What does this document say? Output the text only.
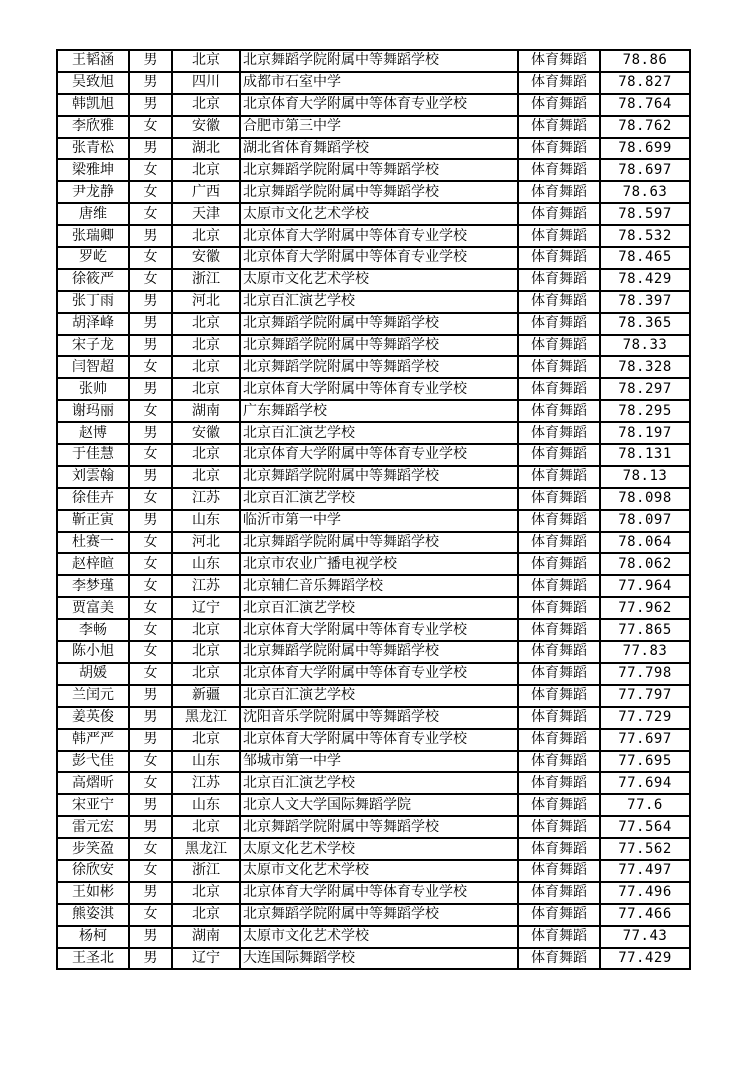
王韬涵	男	北京	北京舞蹈学院附属中等舞蹈学校	体育舞蹈	78.86
吴致旭	男	四川	成都市石室中学	体育舞蹈	78.827
韩凯旭	男	北京	北京体育大学附属中等体育专业学校	体育舞蹈	78.764
李欣雅	女	安徽	合肥市第三中学	体育舞蹈	78.762
张青松	男	湖北	湖北省体育舞蹈学校	体育舞蹈	78.699
梁雅坤	女	北京	北京舞蹈学院附属中等舞蹈学校	体育舞蹈	78.697
尹龙静	女	广西	北京舞蹈学院附属中等舞蹈学校	体育舞蹈	78.63
唐维	女	天津	太原市文化艺术学校	体育舞蹈	78.597
张瑞卿	男	北京	北京体育大学附属中等体育专业学校	体育舞蹈	78.532
罗屹	女	安徽	北京体育大学附属中等体育专业学校	体育舞蹈	78.465
徐筱严	女	浙江	太原市文化艺术学校	体育舞蹈	78.429
张丁雨	男	河北	北京百汇演艺学校	体育舞蹈	78.397
胡泽峰	男	北京	北京舞蹈学院附属中等舞蹈学校	体育舞蹈	78.365
宋子龙	男	北京	北京舞蹈学院附属中等舞蹈学校	体育舞蹈	78.33
闫智超	女	北京	北京舞蹈学院附属中等舞蹈学校	体育舞蹈	78.328
张帅	男	北京	北京体育大学附属中等体育专业学校	体育舞蹈	78.297
谢玛丽	女	湖南	广东舞蹈学校	体育舞蹈	78.295
赵博	男	安徽	北京百汇演艺学校	体育舞蹈	78.197
于佳慧	女	北京	北京体育大学附属中等体育专业学校	体育舞蹈	78.131
刘雲翰	男	北京	北京舞蹈学院附属中等舞蹈学校	体育舞蹈	78.13
徐佳卉	女	江苏	北京百汇演艺学校	体育舞蹈	78.098
靳正寅	男	山东	临沂市第一中学	体育舞蹈	78.097
杜赛一	女	河北	北京舞蹈学院附属中等舞蹈学校	体育舞蹈	78.064
赵梓暄	女	山东	北京市农业广播电视学校	体育舞蹈	78.062
李梦瑾	女	江苏	北京辅仁音乐舞蹈学校	体育舞蹈	77.964
贾富美	女	辽宁	北京百汇演艺学校	体育舞蹈	77.962
李畅	女	北京	北京体育大学附属中等体育专业学校	体育舞蹈	77.865
陈小旭	女	北京	北京舞蹈学院附属中等舞蹈学校	体育舞蹈	77.83
胡媛	女	北京	北京体育大学附属中等体育专业学校	体育舞蹈	77.798
兰闰元	男	新疆	北京百汇演艺学校	体育舞蹈	77.797
姜英俊	男	黑龙江	沈阳音乐学院附属中等舞蹈学校	体育舞蹈	77.729
韩严严	男	北京	北京体育大学附属中等体育专业学校	体育舞蹈	77.697
彭弋佳	女	山东	邹城市第一中学	体育舞蹈	77.695
高熠昕	女	江苏	北京百汇演艺学校	体育舞蹈	77.694
宋亚宁	男	山东	北京人文大学国际舞蹈学院	体育舞蹈	77.6
雷元宏	男	北京	北京舞蹈学院附属中等舞蹈学校	体育舞蹈	77.564
步笑盈	女	黑龙江	太原文化艺术学校	体育舞蹈	77.562
徐欣安	女	浙江	太原市文化艺术学校	体育舞蹈	77.497
王如彬	男	北京	北京体育大学附属中等体育专业学校	体育舞蹈	77.496
熊姿淇	女	北京	北京舞蹈学院附属中等舞蹈学校	体育舞蹈	77.466
杨柯	男	湖南	太原市文化艺术学校	体育舞蹈	77.43
王圣北	男	辽宁	大连国际舞蹈学校	体育舞蹈	77.429
